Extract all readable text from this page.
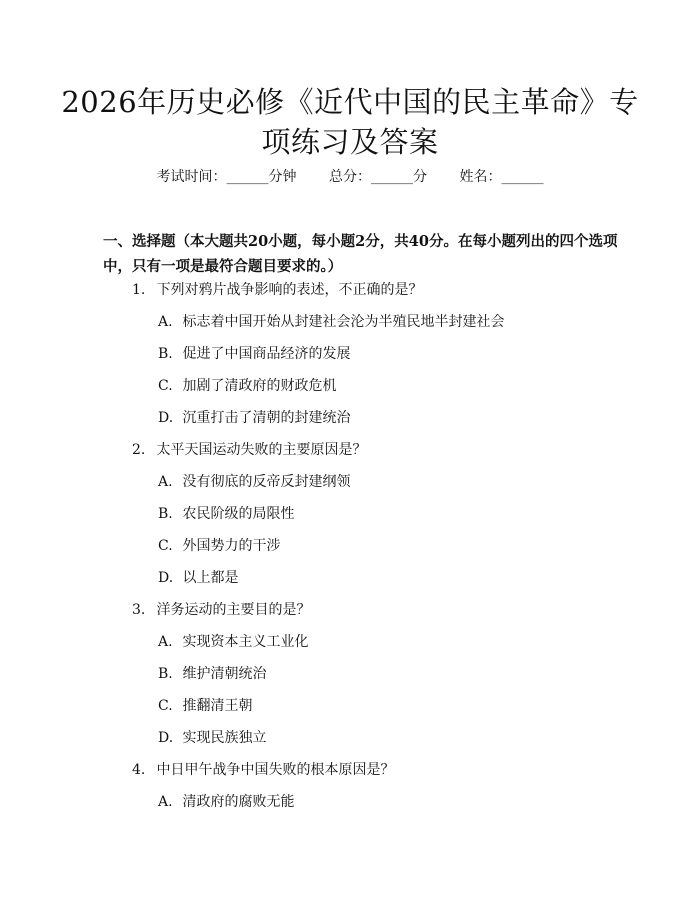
2026年历史必修《近代中国的民主革命》专
项练习及答案
考试时间：______分钟 总分：______分 姓名：______
一、选择题（本大题共20小题，每小题2分，共40分。在每小题列出的四个选项中，只有一项是最符合题目要求的。）
1. 下列对鸦片战争影响的表述，不正确的是？
A. 标志着中国开始从封建社会沦为半殖民地半封建社会
B. 促进了中国商品经济的发展
C. 加剧了清政府的财政危机
D. 沉重打击了清朝的封建统治
2. 太平天国运动失败的主要原因是？
A. 没有彻底的反帝反封建纲领
B. 农民阶级的局限性
C. 外国势力的干涉
D. 以上都是
3. 洋务运动的主要目的是？
A. 实现资本主义工业化
B. 维护清朝统治
C. 推翻清王朝
D. 实现民族独立
4. 中日甲午战争中国失败的根本原因是？
A. 清政府的腐败无能
